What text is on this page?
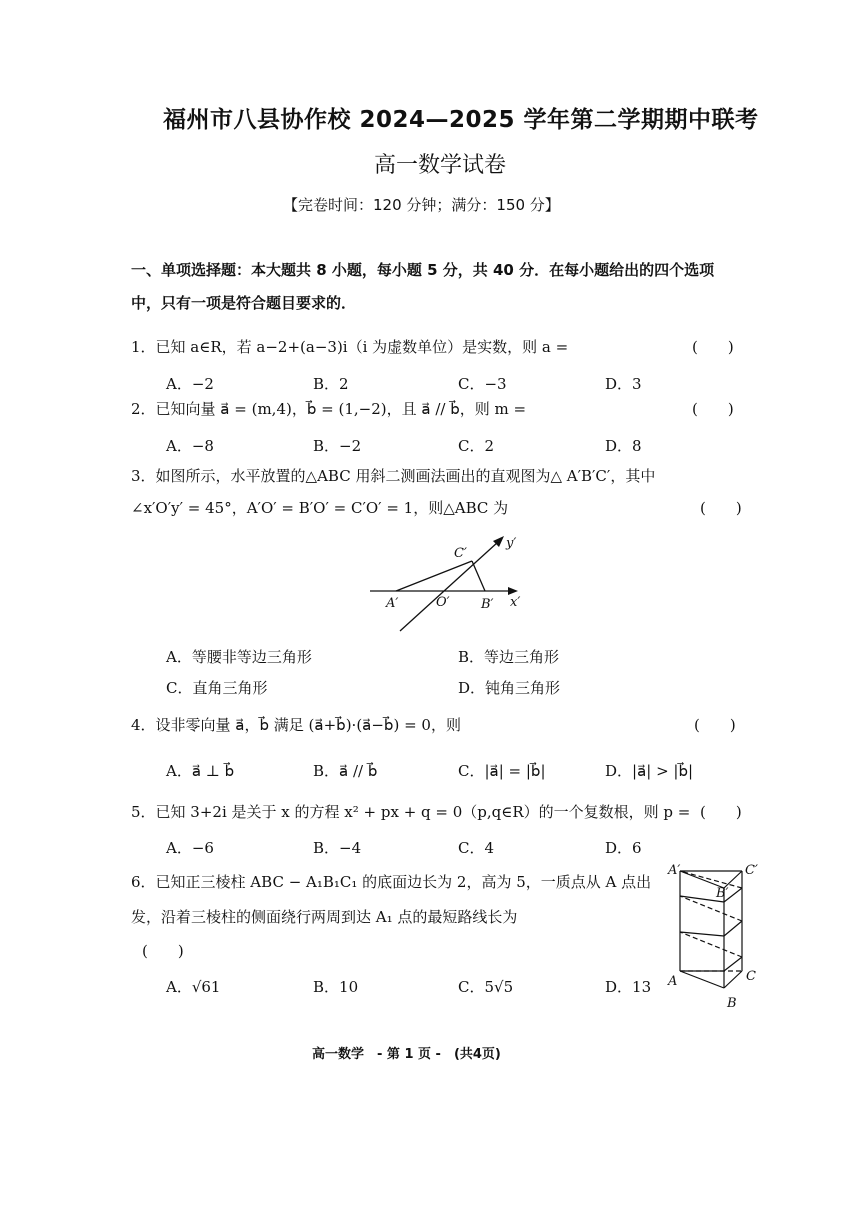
福州市八县协作校 2024—2025 学年第二学期期中联考
高一数学试卷
【完卷时间：120 分钟；满分：150 分】
一、单项选择题：本大题共 8 小题，每小题 5 分，共 40 分．在每小题给出的四个选项
中，只有一项是符合题目要求的．
1．已知 a∈R，若 a−2+(a−3)i（i 为虚数单位）是实数，则 a =	(　　)
A．−2	B．2	C．−3	D．3
2．已知向量 a⃗ = (m,4)，b⃗ = (1,−2)，且 a⃗ // b⃗，则 m =	(　　)
A．−8	B．−2	C．2	D．8
3．如图所示，水平放置的△ABC 用斜二测画法画出的直观图为△ A′B′C′，其中
∠x′O′y′ = 45°，A′O′ = B′O′ = C′O′ = 1，则△ABC 为	(　　)
C′
y′
A′	O′ B′ x′
A．等腰非等边三角形	B．等边三角形
C．直角三角形	D．钝角三角形
4．设非零向量 a⃗，b⃗ 满足 (a⃗+b⃗)·(a⃗−b⃗) = 0，则	(　　)
A．a⃗ ⊥ b⃗	B．a⃗ // b⃗	C．|a⃗| = |b⃗|	D．|a⃗| > |b⃗|
5．已知 3+2i 是关于 x 的方程 x² + px + q = 0（p,q∈R）的一个复数根，则 p = (　　)
A．−6	B．−4	C．4	D．6
6．已知正三棱柱 ABC − A₁B₁C₁ 的底面边长为 2，高为 5，一质点从 A 点出
发，沿着三棱柱的侧面绕行两周到达 A₁ 点的最短路线长为
(　　)
A．√61	B．10	C．5√5	D．13
A′	C′
B′
A	C
B
高一数学　- 第 1 页 -　(共4页)
